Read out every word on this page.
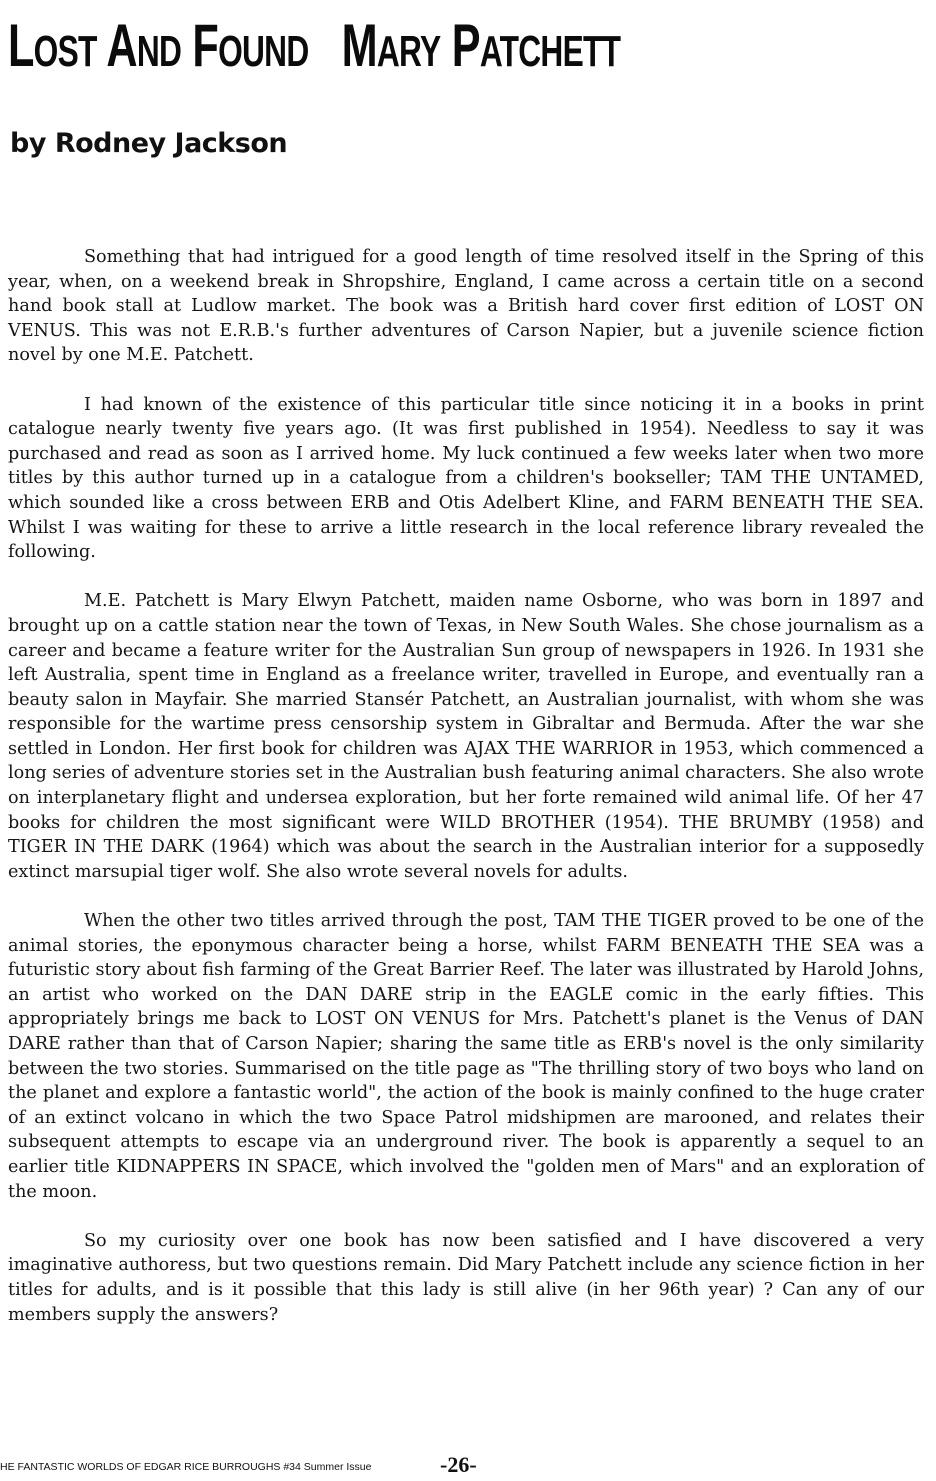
LOST AND FOUND MARY PATCHETT
by Rodney Jackson

Something that had intrigued for a good length of time resolved itself in the Spring of this year, when, on a weekend break in Shropshire, England, I came across a certain title on a second hand book stall at Ludlow market. The book was a British hard cover first edition of LOST ON VENUS. This was not E.R.B.'s further adventures of Carson Napier, but a juvenile science fiction novel by one M.E. Patchett.

I had known of the existence of this particular title since noticing it in a books in print catalogue nearly twenty five years ago. (It was first published in 1954). Needless to say it was purchased and read as soon as I arrived home. My luck continued a few weeks later when two more titles by this author turned up in a catalogue from a children's bookseller; TAM THE UNTAMED, which sounded like a cross between ERB and Otis Adelbert Kline, and FARM BENEATH THE SEA. Whilst I was waiting for these to arrive a little research in the local reference library revealed the following.

M.E. Patchett is Mary Elwyn Patchett, maiden name Osborne, who was born in 1897 and brought up on a cattle station near the town of Texas, in New South Wales. She chose journalism as a career and became a feature writer for the Australian Sun group of newspapers in 1926. In 1931 she left Australia, spent time in England as a freelance writer, travelled in Europe, and eventually ran a beauty salon in Mayfair. She married Stansér Patchett, an Australian journalist, with whom she was responsible for the wartime press censorship system in Gibraltar and Bermuda. After the war she settled in London. Her first book for children was AJAX THE WARRIOR in 1953, which commenced a long series of adventure stories set in the Australian bush featuring animal characters. She also wrote on interplanetary flight and undersea exploration, but her forte remained wild animal life. Of her 47 books for children the most significant were WILD BROTHER (1954). THE BRUMBY (1958) and TIGER IN THE DARK (1964) which was about the search in the Australian interior for a supposedly extinct marsupial tiger wolf. She also wrote several novels for adults.

When the other two titles arrived through the post, TAM THE TIGER proved to be one of the animal stories, the eponymous character being a horse, whilst FARM BENEATH THE SEA was a futuristic story about fish farming of the Great Barrier Reef. The later was illustrated by Harold Johns, an artist who worked on the DAN DARE strip in the EAGLE comic in the early fifties. This appropriately brings me back to LOST ON VENUS for Mrs. Patchett's planet is the Venus of DAN DARE rather than that of Carson Napier; sharing the same title as ERB's novel is the only similarity between the two stories. Summarised on the title page as "The thrilling story of two boys who land on the planet and explore a fantastic world", the action of the book is mainly confined to the huge crater of an extinct volcano in which the two Space Patrol midshipmen are marooned, and relates their subsequent attempts to escape via an underground river. The book is apparently a sequel to an earlier title KIDNAPPERS IN SPACE, which involved the "golden men of Mars" and an exploration of the moon.

So my curiosity over one book has now been satisfied and I have discovered a very imaginative authoress, but two questions remain. Did Mary Patchett include any science fiction in her titles for adults, and is it possible that this lady is still alive (in her 96th year) ? Can any of our members supply the answers?

HE FANTASTIC WORLDS OF EDGAR RICE BURROUGHS #34 Summer Issue	-26-
